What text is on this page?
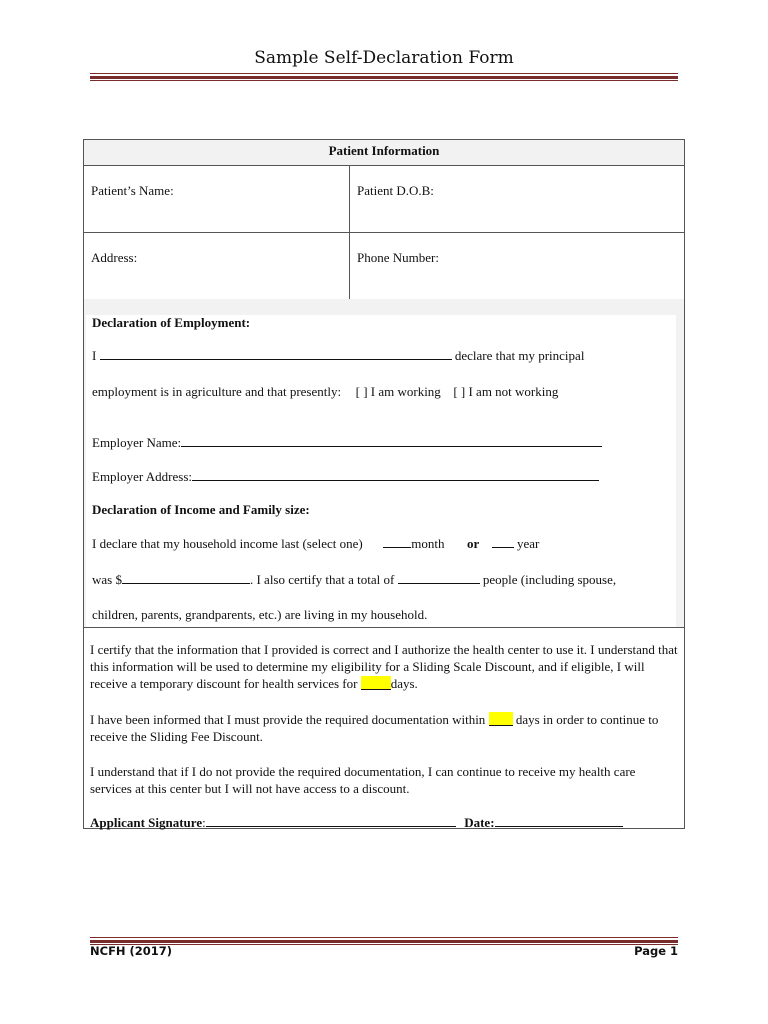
Sample Self-Declaration Form
Patient Information
Patient’s Name:	Patient D.O.B:
Address:	Phone Number:
Declaration of Employment:
I	declare that my principal
employment is in agriculture and that presently: [ ] I am working [ ] I am not working
Employer Name:
Employer Address:
Declaration of Income and Family size:
I declare that my household income last (select one)	month or	year
was $	. I also certify that a total of	people (including spouse,
children, parents, grandparents, etc.) are living in my household.
I certify that the information that I provided is correct and I authorize the health center to use it. I understand that this information will be used to determine my eligibility for a Sliding Scale Discount, and if eligible, I will receive a temporary discount for health services for	days.
I have been informed that I must provide the required documentation within days in order to continue to receive the Sliding Fee Discount.
I understand that if I do not provide the required documentation, I can continue to receive my health care services at this center but I will not have access to a discount.
Applicant Signature:	Date:
NCFH (2017)	Page 1
